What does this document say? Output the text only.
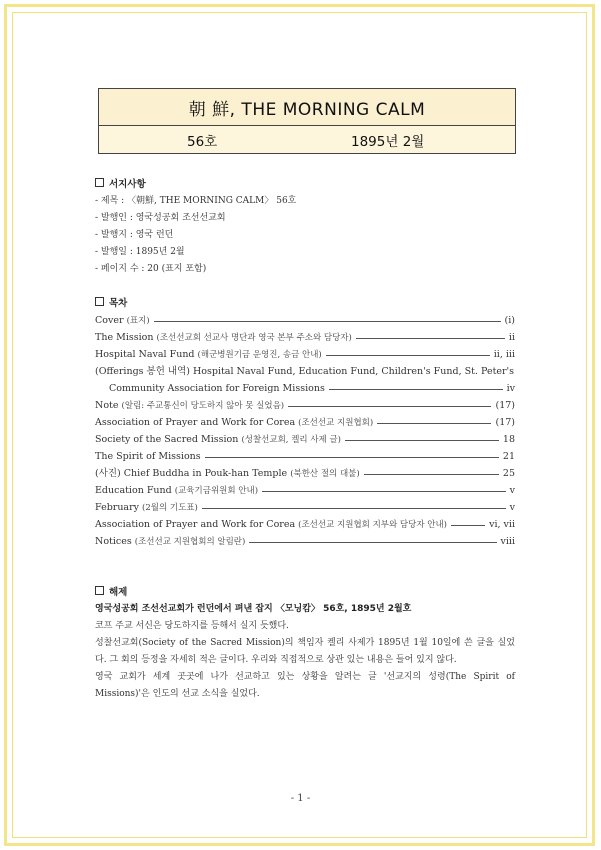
朝 鮮, THE MORNING CALM
56호	1895년 2월
서지사항
- 제목 : 〈朝鮮, THE MORNING CALM〉 56호
- 발행인 : 영국성공회 조선선교회
- 발행지 : 영국 런던
- 발행일 : 1895년 2월
- 페이지 수 : 20 (표지 포함)
목차
Cover (표지)	(i)
The Mission (조선선교회 선교사 명단과 영국 본부 주소와 담당자)	ii
Hospital Naval Fund (해군병원기금 운영진, 송금 안내)	ii, iii
(Offerings 봉헌 내역) Hospital Naval Fund, Education Fund, Children's Fund, St. Peter's
Community Association for Foreign Missions	iv
Note (알림: 주교통신이 당도하지 않아 못 실었음)	(17)
Association of Prayer and Work for Corea (조선선교 지원협회)	(17)
Society of the Sacred Mission (성찰선교회, 켈리 사제 글)	18
The Spirit of Missions	21
(사진) Chief Buddha in Pouk-han Temple (북한산 절의 대불)	25
Education Fund (교육기금위원회 안내)	v
February (2월의 기도표)	v
Association of Prayer and Work for Corea (조선선교 지원협회 지부와 담당자 안내)	vi, vii
Notices (조선선교 지원협회의 알림란)	viii
해제
영국성공회 조선선교회가 런던에서 펴낸 잡지 〈모닝캄〉 56호, 1895년 2월호
코프 주교 서신은 당도하지를 등해서 실지 듯했다.
성찰선교회(Society of the Sacred Mission)의 책임자 켈리 사제가 1895년 1월 10일에 쓴 글을 실었다. 그 회의 등정을 자세히 적은 글이다. 우리와 직접적으로 상관 있는 내용은 들어 있지 않다.
영국 교회가 세계 곳곳에 나가 선교하고 있는 상황을 알려는 글 '선교지의 성령(The Spirit of Missions)'은 인도의 선교 소식을 실었다.
- 1 -
